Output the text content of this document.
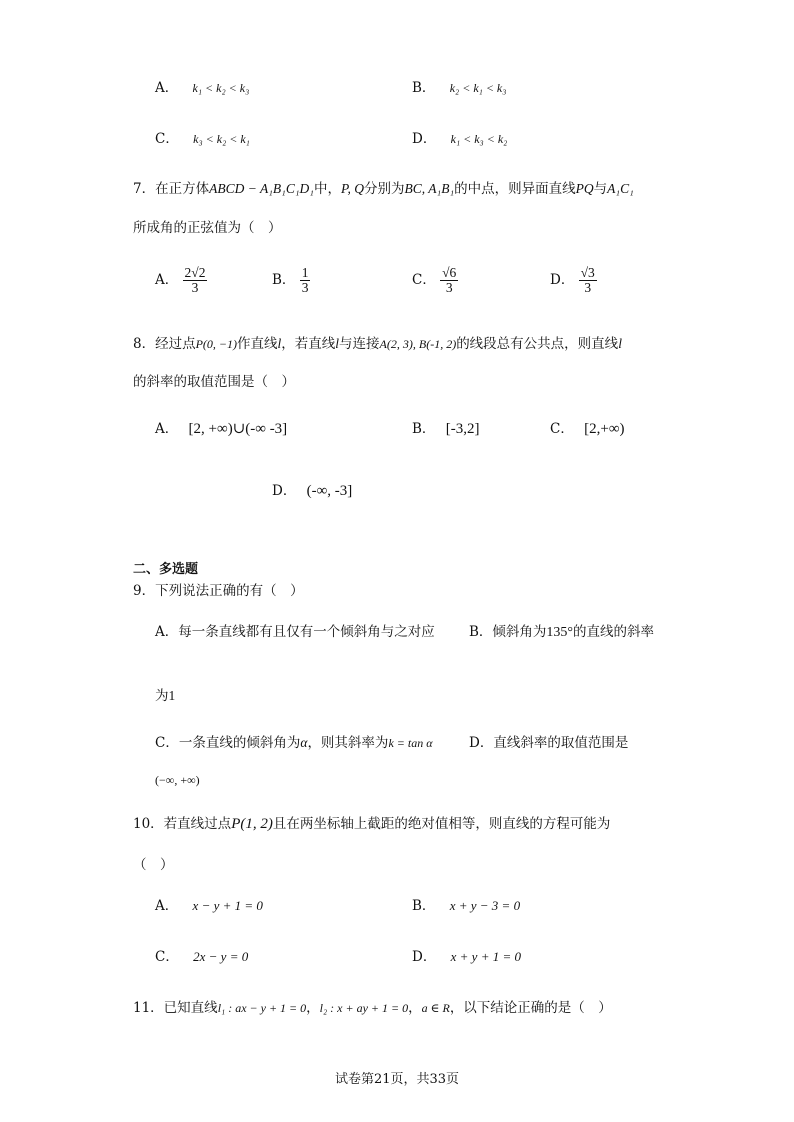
A． k₁ < k₂ < k₃	B． k₂ < k₁ < k₃
C． k₃ < k₂ < k₁	D． k₁ < k₃ < k₂
7．在正方体ABCD − A₁B₁C₁D₁中，P, Q分别为BC, A₁B₁的中点，则异面直线PQ与A₁C₁
所成角的正弦值为（　）
A． $\frac{2√2}{3}$	B． $\frac{1}{3}$	C． $\frac{√6}{3}$	D． $\frac{√3}{3}$
8．经过点P(0, −1)作直线l，若直线l与连接A(2, 3), B(-1, 2)的线段总有公共点，则直线l
的斜率的取值范围是（　）
A． [2, +∞)∪(-∞ -3]	B． [-3,2]	C． [2,+∞)
D． (-∞, -3]
二、多选题
9．下列说法正确的有（　）
A．每一条直线都有且仅有一个倾斜角与之对应	B．倾斜角为135°的直线的斜率
为1
C．一条直线的倾斜角为α，则其斜率为k = tan α	D．直线斜率的取值范围是
(−∞, +∞)
10．若直线过点P(1, 2)且在两坐标轴上截距的绝对值相等，则直线的方程可能为
（　）
A． x − y + 1 = 0	B． x + y − 3 = 0
C． 2x − y = 0	D． x + y + 1 = 0
11．已知直线l₁ : ax − y + 1 = 0，l₂ : x + ay + 1 = 0，a ∈ R，以下结论正确的是（　）
试卷第21页，共33页
